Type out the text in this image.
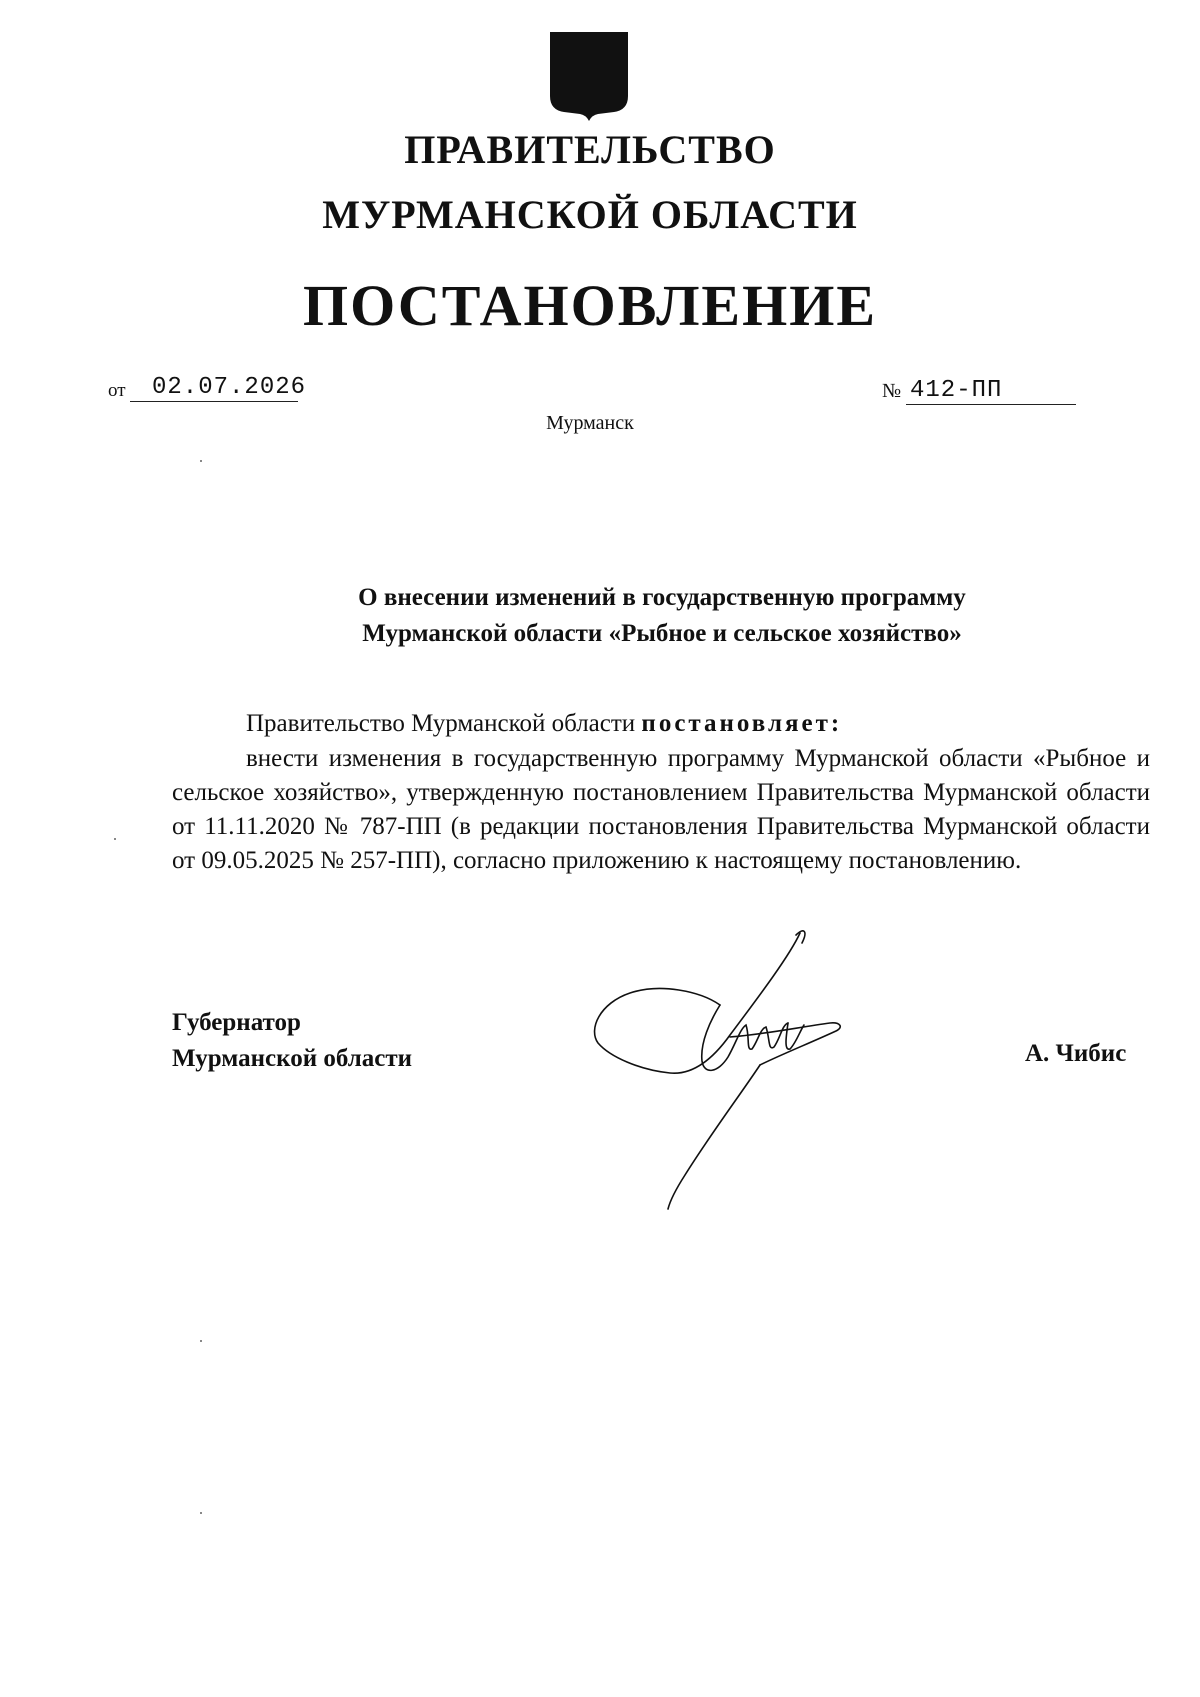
ПРАВИТЕЛЬСТВО
МУРМАНСКОЙ ОБЛАСТИ
ПОСТАНОВЛЕНИЕ
от 02.07.2026	№ 412-ПП
Мурманск
О внесении изменений в государственную программу
Мурманской области «Рыбное и сельское хозяйство»
Правительство Мурманской области постановляет:

внести изменения в государственную программу Мурманской области «Рыбное и сельское хозяйство», утвержденную постановлением Правительства Мурманской области от 11.11.2020 № 787-ПП (в редакции постановления Правительства Мурманской области от 09.05.2025 № 257-ПП), согласно приложению к настоящему постановлению.

Губернатор
Мурманской области	А. Чибис
